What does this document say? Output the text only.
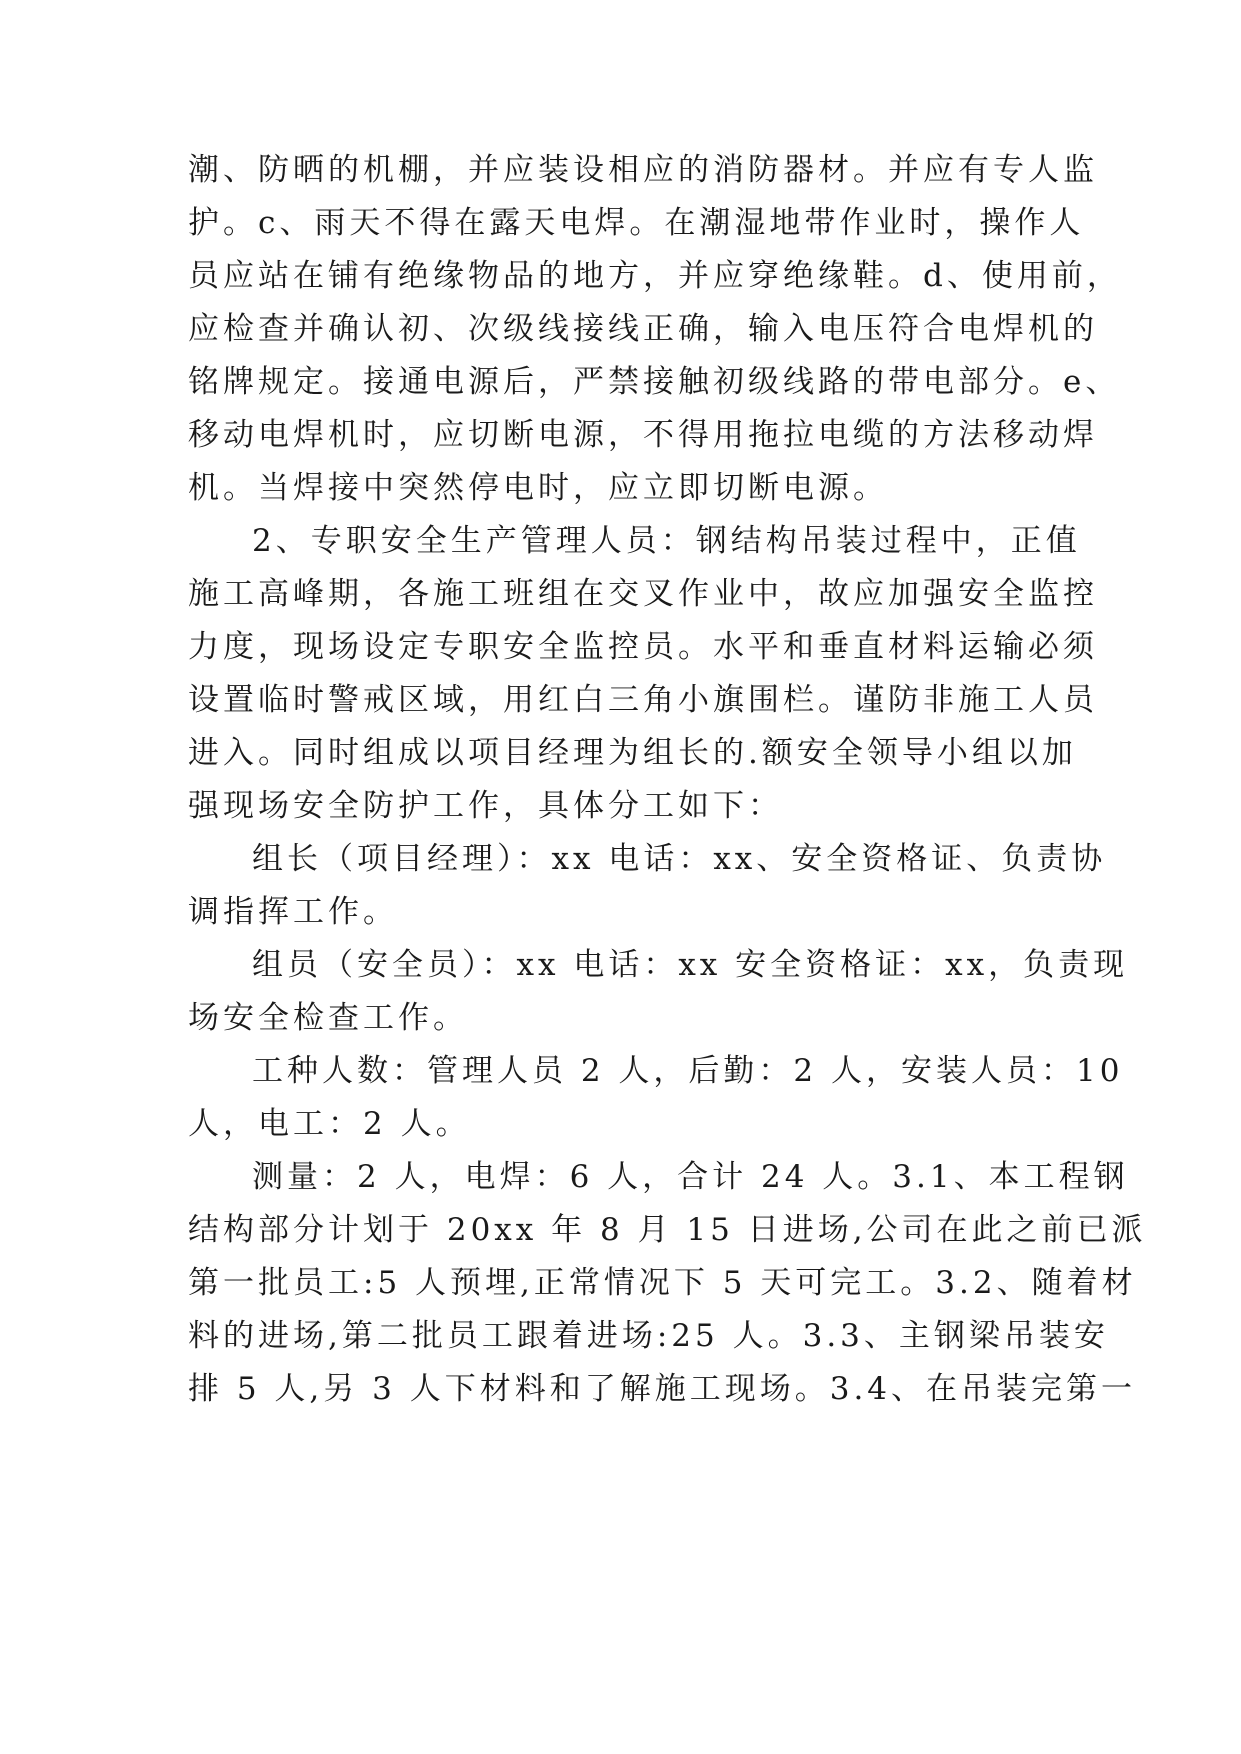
潮、防晒的机棚，并应装设相应的消防器材。并应有专人监
护。c、雨天不得在露天电焊。在潮湿地带作业时，操作人
员应站在铺有绝缘物品的地方，并应穿绝缘鞋。d、使用前，
应检查并确认初、次级线接线正确，输入电压符合电焊机的
铭牌规定。接通电源后，严禁接触初级线路的带电部分。e、
移动电焊机时，应切断电源，不得用拖拉电缆的方法移动焊
机。当焊接中突然停电时，应立即切断电源。
2、专职安全生产管理人员：钢结构吊装过程中，正值
施工高峰期，各施工班组在交叉作业中，故应加强安全监控
力度，现场设定专职安全监控员。水平和垂直材料运输必须
设置临时警戒区域，用红白三角小旗围栏。谨防非施工人员
进入。同时组成以项目经理为组长的.额安全领导小组以加
强现场安全防护工作，具体分工如下：
组长（项目经理）：xx 电话：xx、安全资格证、负责协
调指挥工作。
组员（安全员）：xx 电话：xx 安全资格证：xx，负责现
场安全检查工作。
工种人数：管理人员 2 人，后勤：2 人，安装人员：10
人，电工：2 人。
测量：2 人，电焊：6 人，合计 24 人。3.1、本工程钢
结构部分计划于 20xx 年 8 月 15 日进场,公司在此之前已派
第一批员工:5 人预埋,正常情况下 5 天可完工。3.2、随着材
料的进场,第二批员工跟着进场:25 人。3.3、主钢梁吊装安
排 5 人,另 3 人下材料和了解施工现场。3.4、在吊装完第一
